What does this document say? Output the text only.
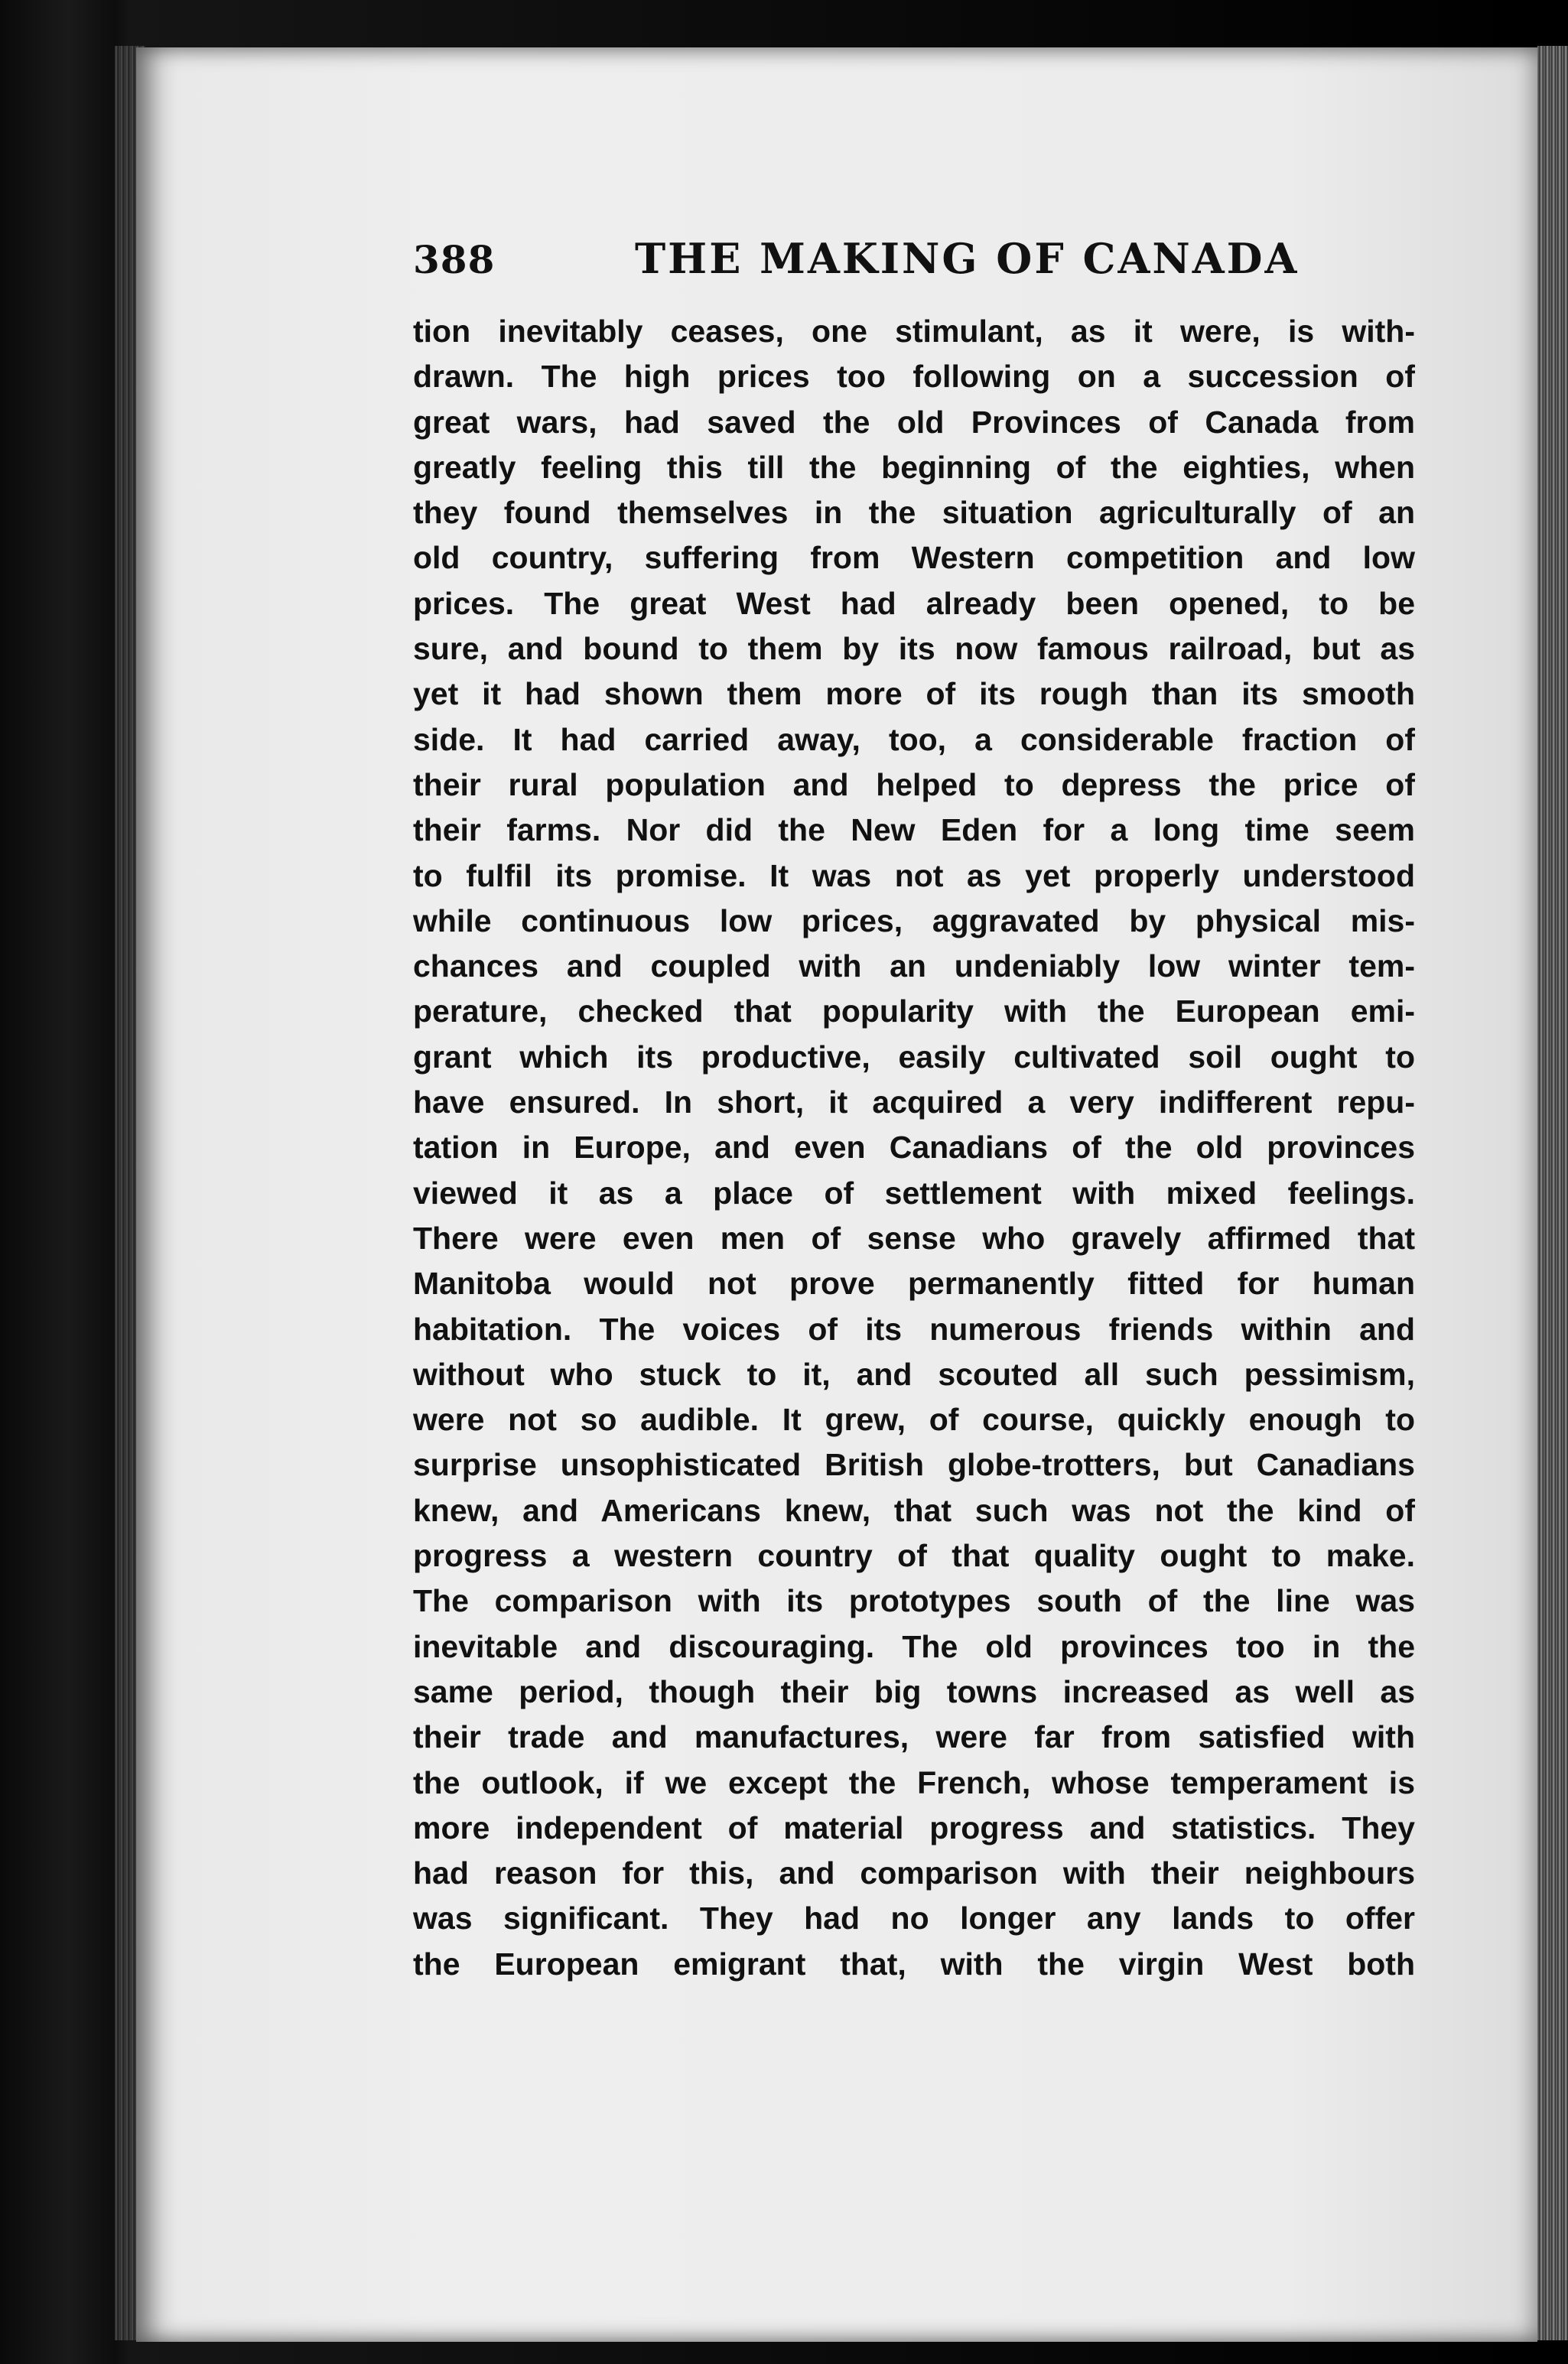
388	THE MAKING OF CANADA
tion inevitably ceases, one stimulant, as it were, is with-
drawn. The high prices too following on a succession of
great wars, had saved the old Provinces of Canada from
greatly feeling this till the beginning of the eighties, when
they found themselves in the situation agriculturally of an
old country, suffering from Western competition and low
prices. The great West had already been opened, to be
sure, and bound to them by its now famous railroad, but as
yet it had shown them more of its rough than its smooth
side. It had carried away, too, a considerable fraction of
their rural population and helped to depress the price of
their farms. Nor did the New Eden for a long time seem
to fulfil its promise. It was not as yet properly understood
while continuous low prices, aggravated by physical mis-
chances and coupled with an undeniably low winter tem-
perature, checked that popularity with the European emi-
grant which its productive, easily cultivated soil ought to
have ensured. In short, it acquired a very indifferent repu-
tation in Europe, and even Canadians of the old provinces
viewed it as a place of settlement with mixed feelings.
There were even men of sense who gravely affirmed that
Manitoba would not prove permanently fitted for human
habitation. The voices of its numerous friends within and
without who stuck to it, and scouted all such pessimism,
were not so audible. It grew, of course, quickly enough to
surprise unsophisticated British globe-trotters, but Canadians
knew, and Americans knew, that such was not the kind of
progress a western country of that quality ought to make.
The comparison with its prototypes south of the line was
inevitable and discouraging. The old provinces too in the
same period, though their big towns increased as well as
their trade and manufactures, were far from satisfied with
the outlook, if we except the French, whose temperament is
more independent of material progress and statistics. They
had reason for this, and comparison with their neighbours
was significant. They had no longer any lands to offer
the European emigrant that, with the virgin West both
